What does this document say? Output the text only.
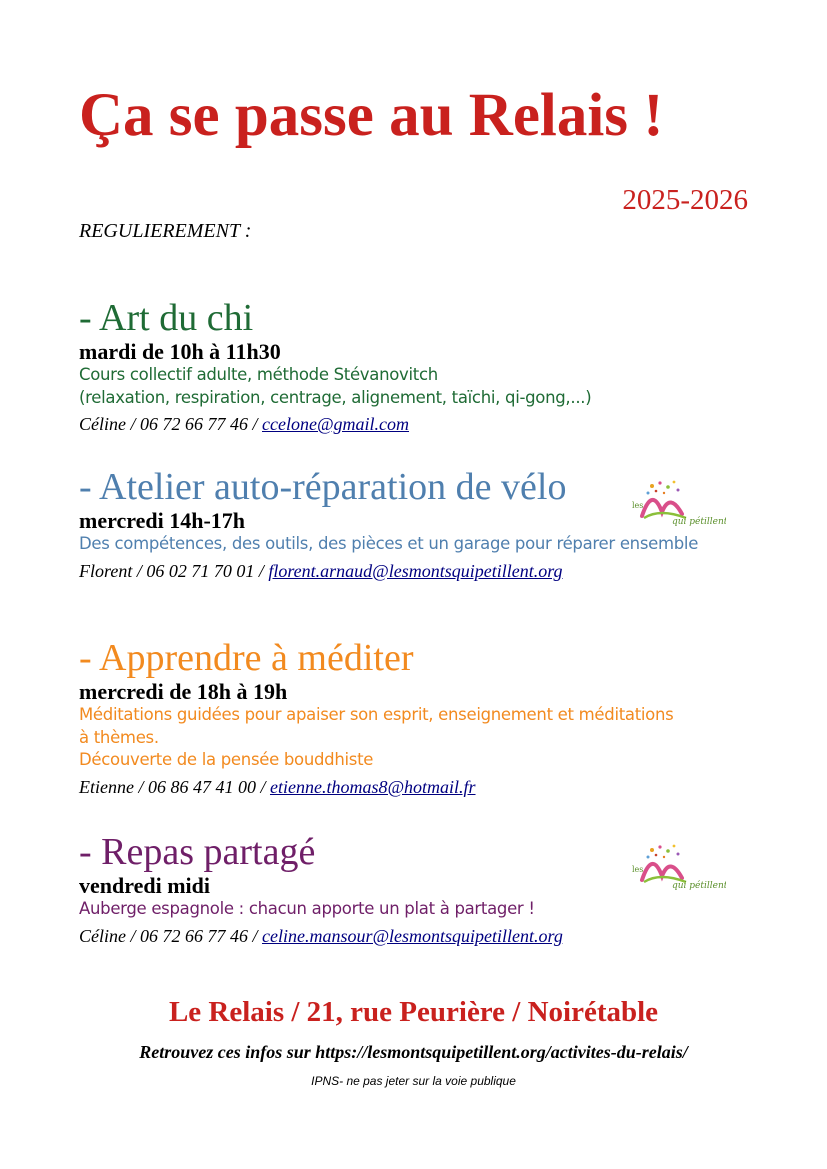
Ça se passe au Relais !
2025-2026
REGULIEREMENT :
- Art du chi
mardi de 10h à 11h30
Cours collectif adulte, méthode Stévanovitch
(relaxation, respiration, centrage, alignement, taïchi, qi-gong,...)
Céline / 06 72 66 77 46 / ccelone@gmail.com
- Atelier auto-réparation de vélo
mercredi 14h-17h
Des compétences, des outils, des pièces et un garage pour réparer ensemble
Florent / 06 02 71 70 01 / florent.arnaud@lesmontsquipetillent.org
- Apprendre à méditer
mercredi de 18h à 19h
Méditations guidées pour apaiser son esprit, enseignement et méditations à thèmes.
Découverte de la pensée bouddhiste
Etienne / 06 86 47 41 00 / etienne.thomas8@hotmail.fr
- Repas partagé
vendredi midi
Auberge espagnole : chacun apporte un plat à partager !
Céline / 06 72 66 77 46 / celine.mansour@lesmontsquipetillent.org
les
qui pétillent
les
qui pétillent
Le Relais / 21, rue Peurière / Noirétable
Retrouvez ces infos sur https://lesmontsquipetillent.org/activites-du-relais/
IPNS- ne pas jeter sur la voie publique
